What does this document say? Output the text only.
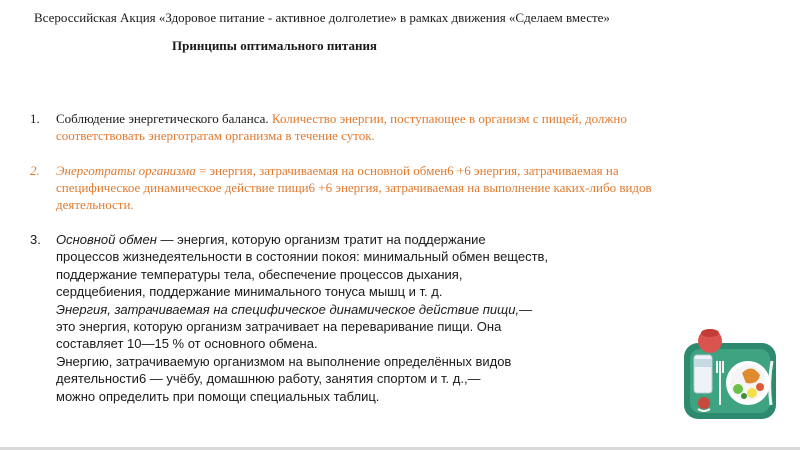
Всероссийская Акция «Здоровое питание - активное долголетие» в рамках движения «Сделаем вместе»
Принципы оптимального питания
1.	Соблюдение энергетического баланса. Количество энергии, поступающее в организм с пищей, должно соответствовать энерготратам организма в течение суток.
2.	Энерготраты организма = энергия, затрачиваемая на основной обмен6 +6 энергия, затрачиваемая на специфическое динамическое действие пищи6 +6 энергия, затрачиваемая на выполнение каких-либо видов деятельности.
3.	Основной обмен — энергия, которую организм тратит на поддержание
процессов жизнедеятельности в состоянии покоя: минимальный обмен веществ,
поддержание температуры тела, обеспечение процессов дыхания,
сердцебиения, поддержание минимального тонуса мышц и т. д.
Энергия, затрачиваемая на специфическое динамическое действие пищи,—
это энергия, которую организм затрачивает на переваривание пищи. Она
составляет 10—15 % от основного обмена.
Энергию, затрачиваемую организмом на выполнение определённых видов
деятельности6 — учёбу, домашнюю работу, занятия спортом и т. д.,—
можно определить при помощи специальных таблиц.
